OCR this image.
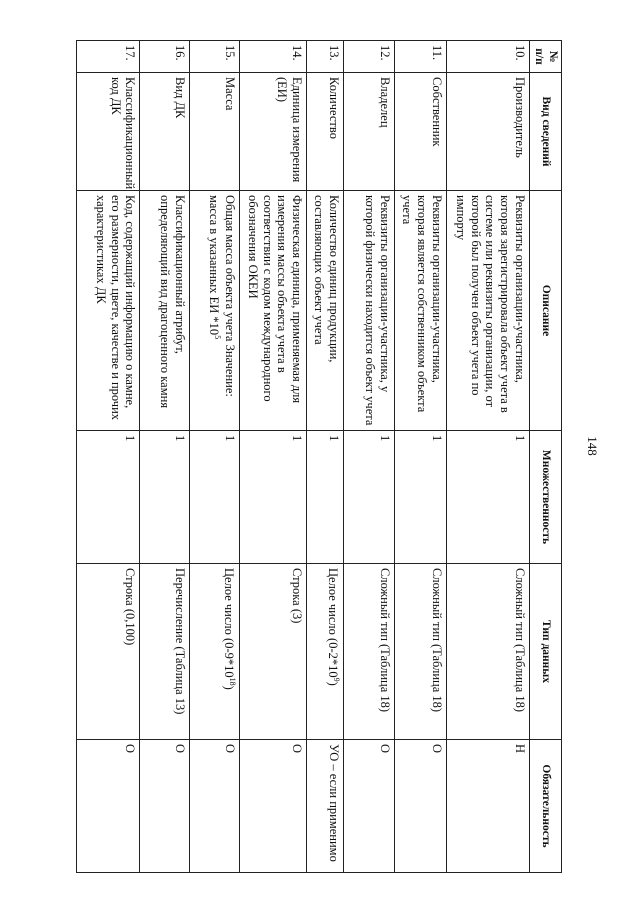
148
№ п/п	Вид сведений	Описание	Множественность	Тип данных	Обязательность
10.	Производитель	Реквизиты организации-участника, которая зарегистрировала объект учета в системе или реквизиты организации, от которой был получен объект учета по импорту	1	Сложный тип (Таблица 18)	Н
11.	Собственник	Реквизиты организации-участника, которая является собственником объекта учета	1	Сложный тип (Таблица 18)	О
12.	Владелец	Реквизиты организации-участника, у которой физически находится объект учета	1	Сложный тип (Таблица 18)	О
13.	Количество	Количество единиц продукции, составляющих объект учета	1	Целое число $(0-2*10^9)$	УО – если применимо
14.	Единица измерения (ЕИ)	Физическая единица, применяемая для измерения массы объекта учета в соответствии с кодом международного обозначения ОКЕИ	1	Строка (3)	О
15.	Масса	Общая масса объекта учета Значение: масса в указанных ЕИ $*10^5$	1	Целое число $(0-9*10^{18})$	О
16.	Вид ДК	Классификационный атрибут, определяющий вид драгоценного камня	1	Перечисление (Таблица 13)	О
17.	Классификационный код ДК	Код, содержащий информацию о камне, его размерности, цвете, качестве и прочих характеристиках ДК	1	Строка (0,100)	О
